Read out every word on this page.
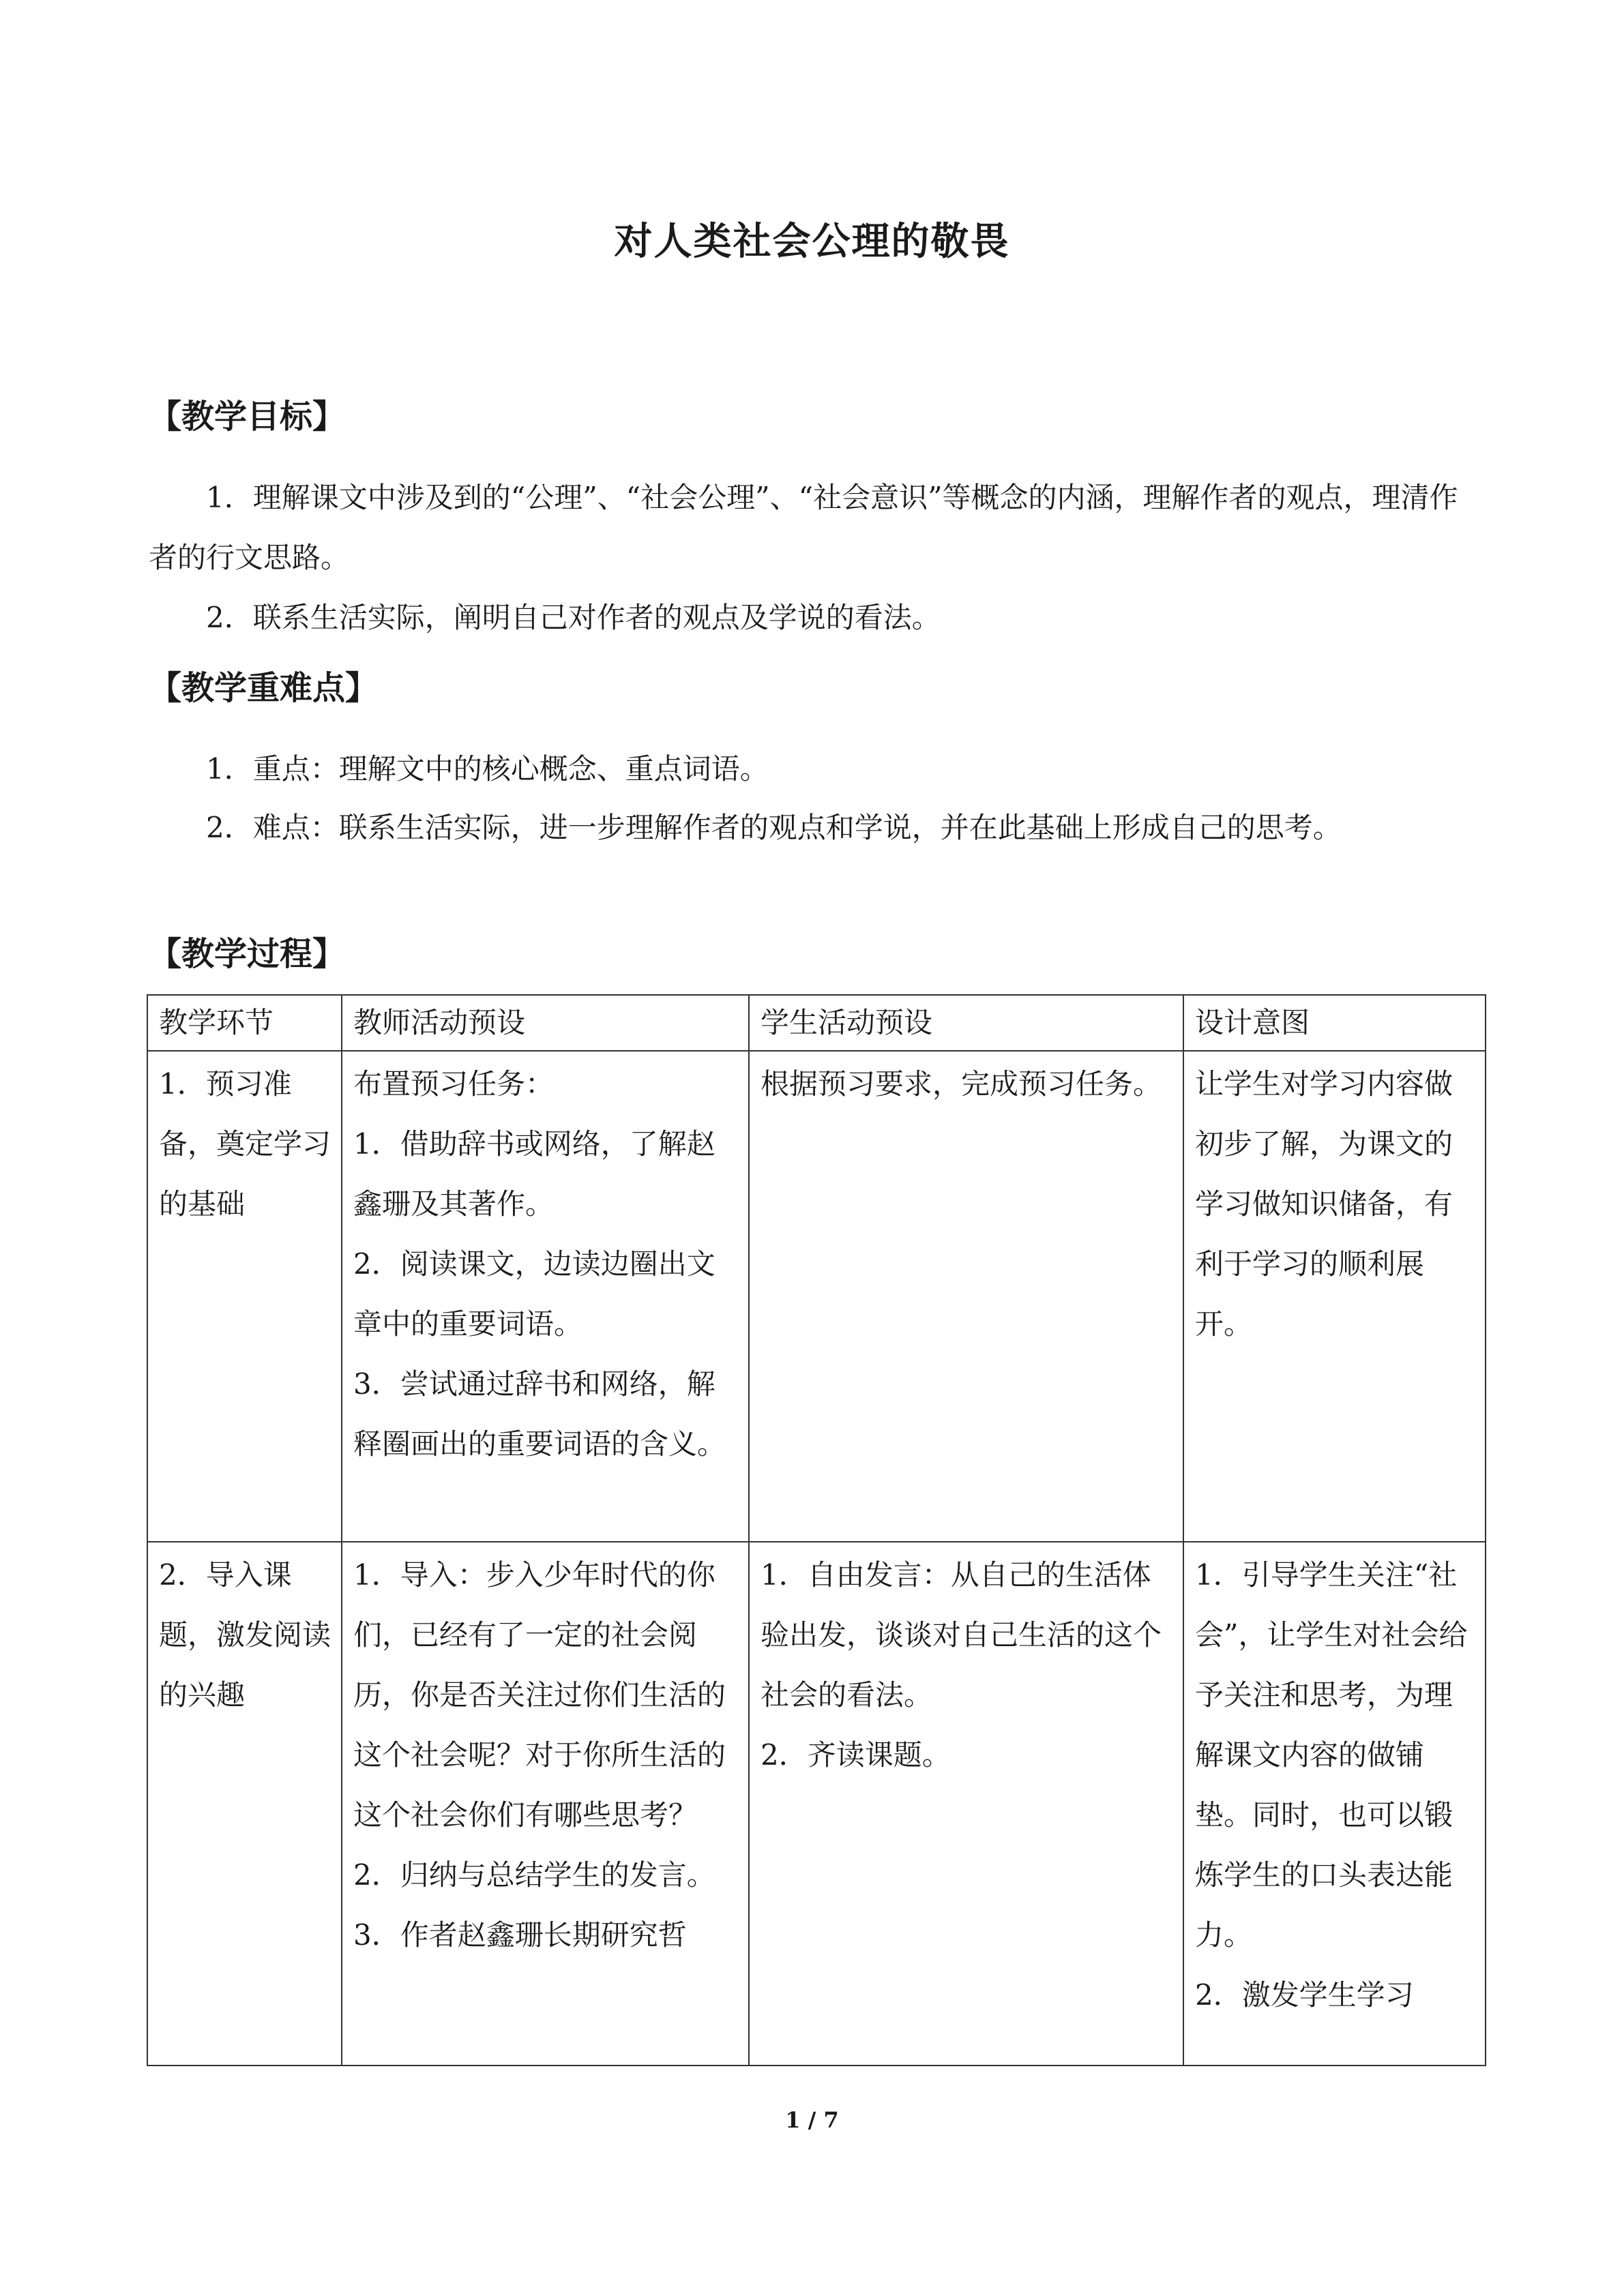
对人类社会公理的敬畏
【教学目标】

1．理解课文中涉及到的“公理”、“社会公理”、“社会意识”等概念的内涵，理解作者的观点，理清作者的行文思路。

2．联系生活实际，阐明自己对作者的观点及学说的看法。

【教学重难点】

1．重点：理解文中的核心概念、重点词语。

2．难点：联系生活实际，进一步理解作者的观点和学说，并在此基础上形成自己的思考。

【教学过程】
教学环节	教师活动预设	学生活动预设	设计意图
1．预习准备，奠定学习的基础	布置预习任务：
1．借助辞书或网络，了解赵鑫珊及其著作。
2．阅读课文，边读边圈出文章中的重要词语。
3．尝试通过辞书和网络，解释圈画出的重要词语的含义。	根据预习要求，完成预习任务。	让学生对学习内容做初步了解，为课文的学习做知识储备，有利于学习的顺利展开。

2．导入课题，激发阅读的兴趣	1．导入：步入少年时代的你们，已经有了一定的社会阅历，你是否关注过你们生活的这个社会呢？对于你所生活的这个社会你们有哪些思考？
2．归纳与总结学生的发言。
3．作者赵鑫珊长期研究哲	1．自由发言：从自己的生活体验出发，谈谈对自己生活的这个社会的看法。
2．齐读课题。	1．引导学生关注“社会”，让学生对社会给予关注和思考，为理解课文内容的做铺垫。同时，也可以锻炼学生的口头表达能力。
2．激发学生学习

1 / 7
